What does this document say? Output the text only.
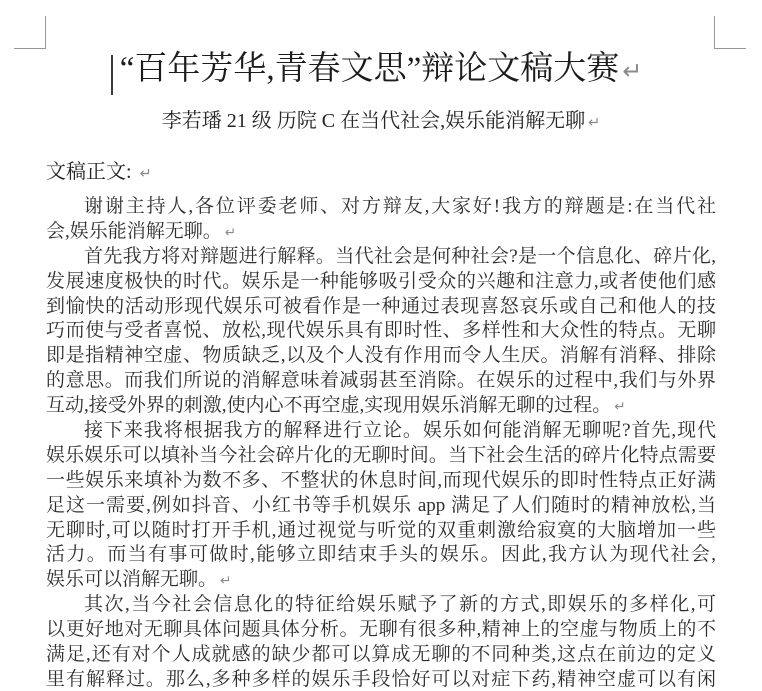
“百年芳华,青春文思”辩论文稿大赛 ↵
李若璠 21 级 历院 C 在当代社会,娱乐能消解无聊 ↵
文稿正文: ↵
谢谢主持人,各位评委老师、对方辩友,大家好!我方的辩题是:在当代社
会,娱乐能消解无聊。 ↵
首先我方将对辩题进行解释。当代社会是何种社会?是一个信息化、碎片化,
发展速度极快的时代。娱乐是一种能够吸引受众的兴趣和注意力,或者使他们感
到愉快的活动形现代娱乐可被看作是一种通过表现喜怒哀乐或自己和他人的技
巧而使与受者喜悦、放松,现代娱乐具有即时性、多样性和大众性的特点。无聊
即是指精神空虚、物质缺乏,以及个人没有作用而令人生厌。消解有消释、排除
的意思。而我们所说的消解意味着减弱甚至消除。在娱乐的过程中,我们与外界
互动,接受外界的刺激,使内心不再空虚,实现用娱乐消解无聊的过程。 ↵
接下来我将根据我方的解释进行立论。娱乐如何能消解无聊呢?首先,现代
娱乐娱乐可以填补当今社会碎片化的无聊时间。当下社会生活的碎片化特点需要
一些娱乐来填补为数不多、不整状的休息时间,而现代娱乐的即时性特点正好满
足这一需要,例如抖音、小红书等手机娱乐 app 满足了人们随时的精神放松,当
无聊时,可以随时打开手机,通过视觉与听觉的双重刺激给寂寞的大脑增加一些
活力。而当有事可做时,能够立即结束手头的娱乐。因此,我方认为现代社会,
娱乐可以消解无聊。 ↵
其次,当今社会信息化的特征给娱乐赋予了新的方式,即娱乐的多样化,可
以更好地对无聊具体问题具体分析。无聊有很多种,精神上的空虚与物质上的不
满足,还有对个人成就感的缺少都可以算成无聊的不同种类,这点在前边的定义
里有解释过。那么,多种多样的娱乐手段恰好可以对症下药,精神空虚可以有闲
